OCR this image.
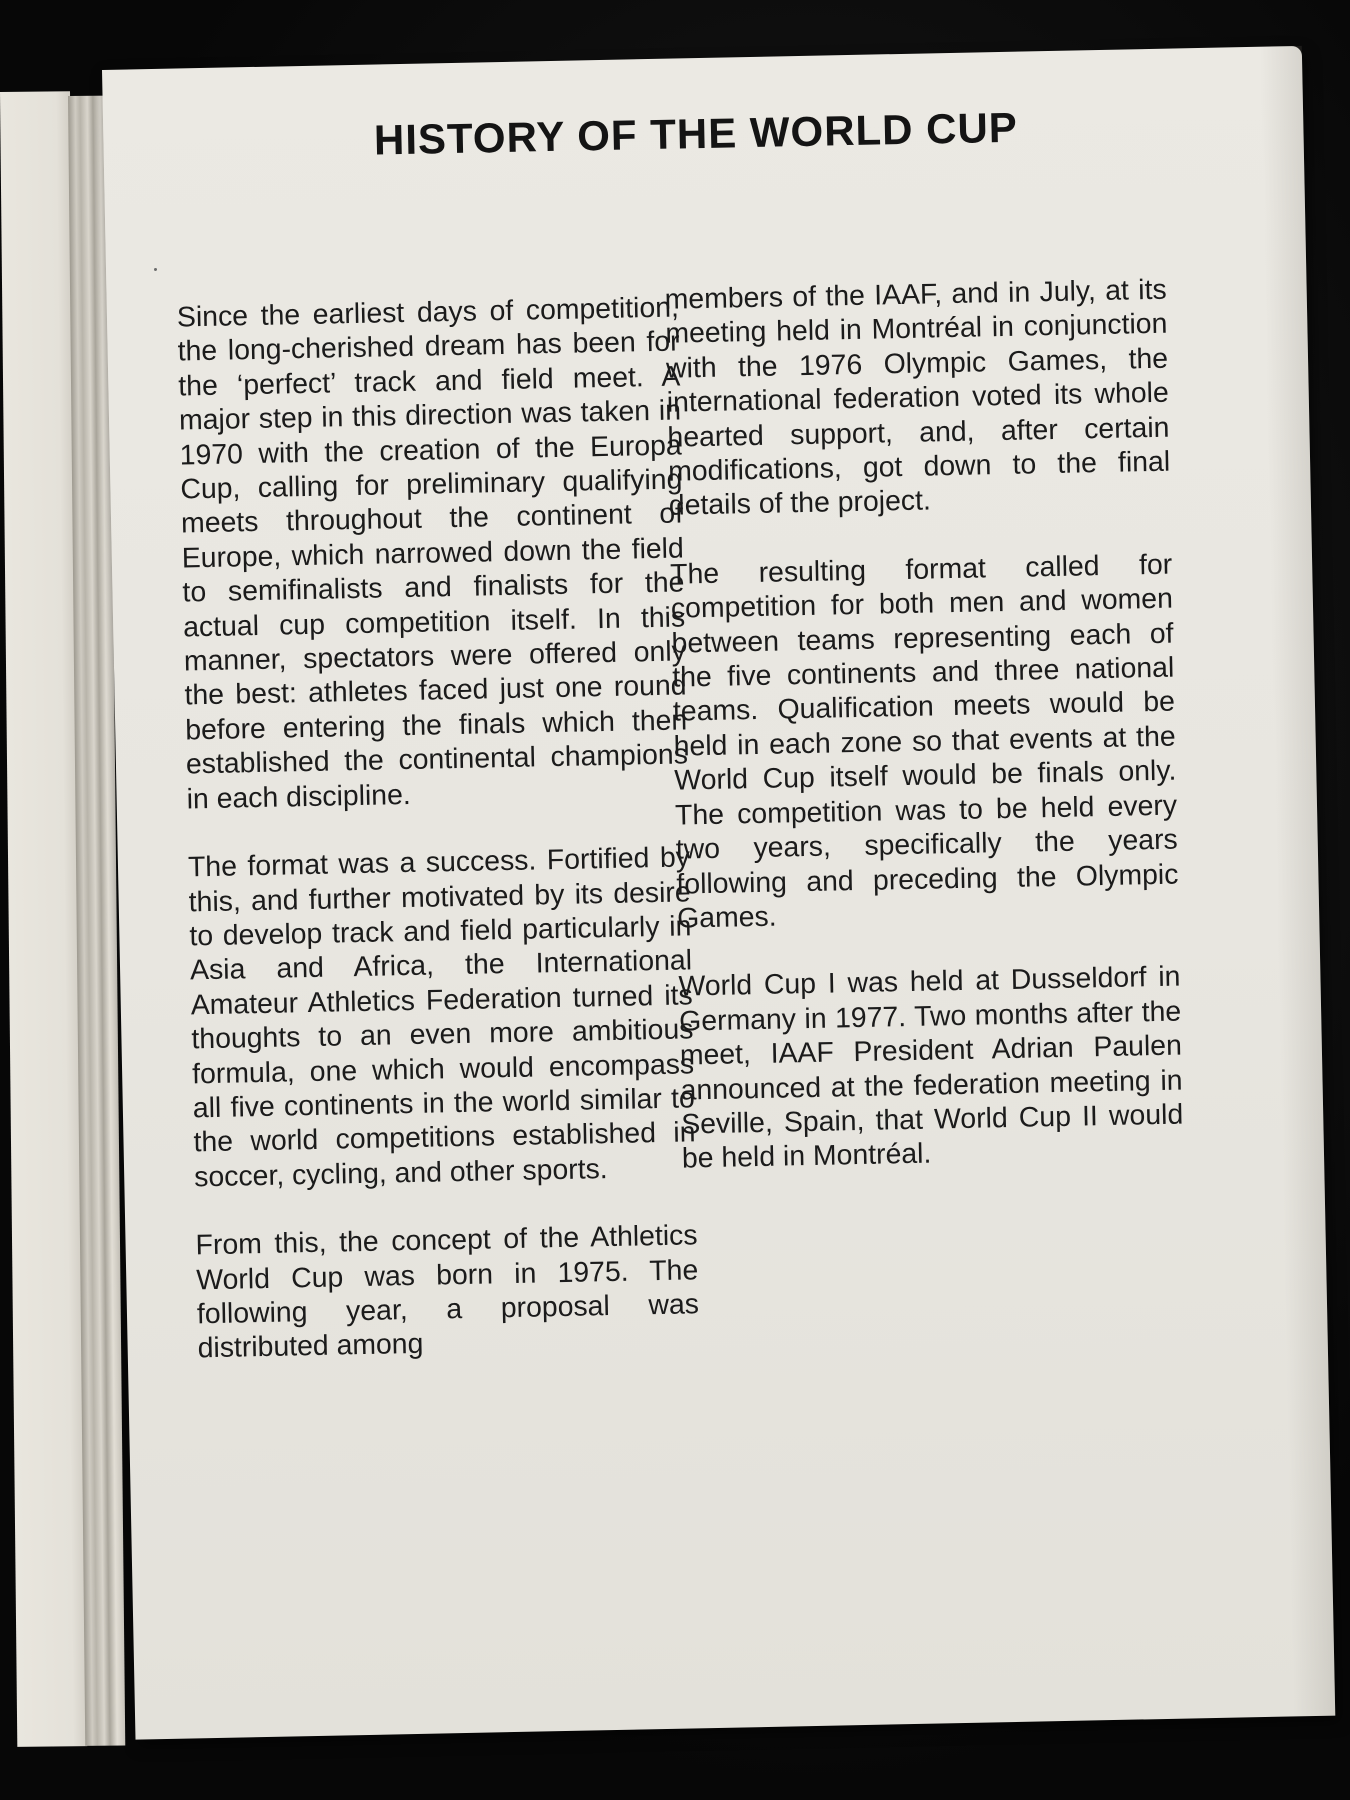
HISTORY OF THE WORLD CUP

Since the earliest days of competition, the long-cherished dream has been for the ‘perfect’ track and field meet. A major step in this direction was taken in 1970 with the creation of the Europa Cup, calling for preliminary qualifying meets throughout the continent of Europe, which narrowed down the field to semifinalists and finalists for the actual cup competition itself. In this manner, spectators were offered only the best: athletes faced just one round before entering the finals which then established the continental champions in each discipline.

The format was a success. Fortified by this, and further motivated by its desire to develop track and field particularly in Asia and Africa, the International Amateur Athletics Federation turned its thoughts to an even more ambitious formula, one which would encompass all five continents in the world similar to the world competitions established in soccer, cycling, and other sports.

From this, the concept of the Athletics World Cup was born in 1975. The following year, a proposal was distributed among

members of the IAAF, and in July, at its meeting held in Montréal in conjunction with the 1976 Olympic Games, the international federation voted its whole hearted support, and, after certain modifications, got down to the final details of the project.

The resulting format called for competition for both men and women between teams representing each of the five continents and three national teams. Qualification meets would be held in each zone so that events at the World Cup itself would be finals only. The competition was to be held every two years, specifically the years following and preceding the Olympic Games.

World Cup I was held at Dusseldorf in Germany in 1977. Two months after the meet, IAAF President Adrian Paulen announced at the federation meeting in Seville, Spain, that World Cup II would be held in Montréal.
